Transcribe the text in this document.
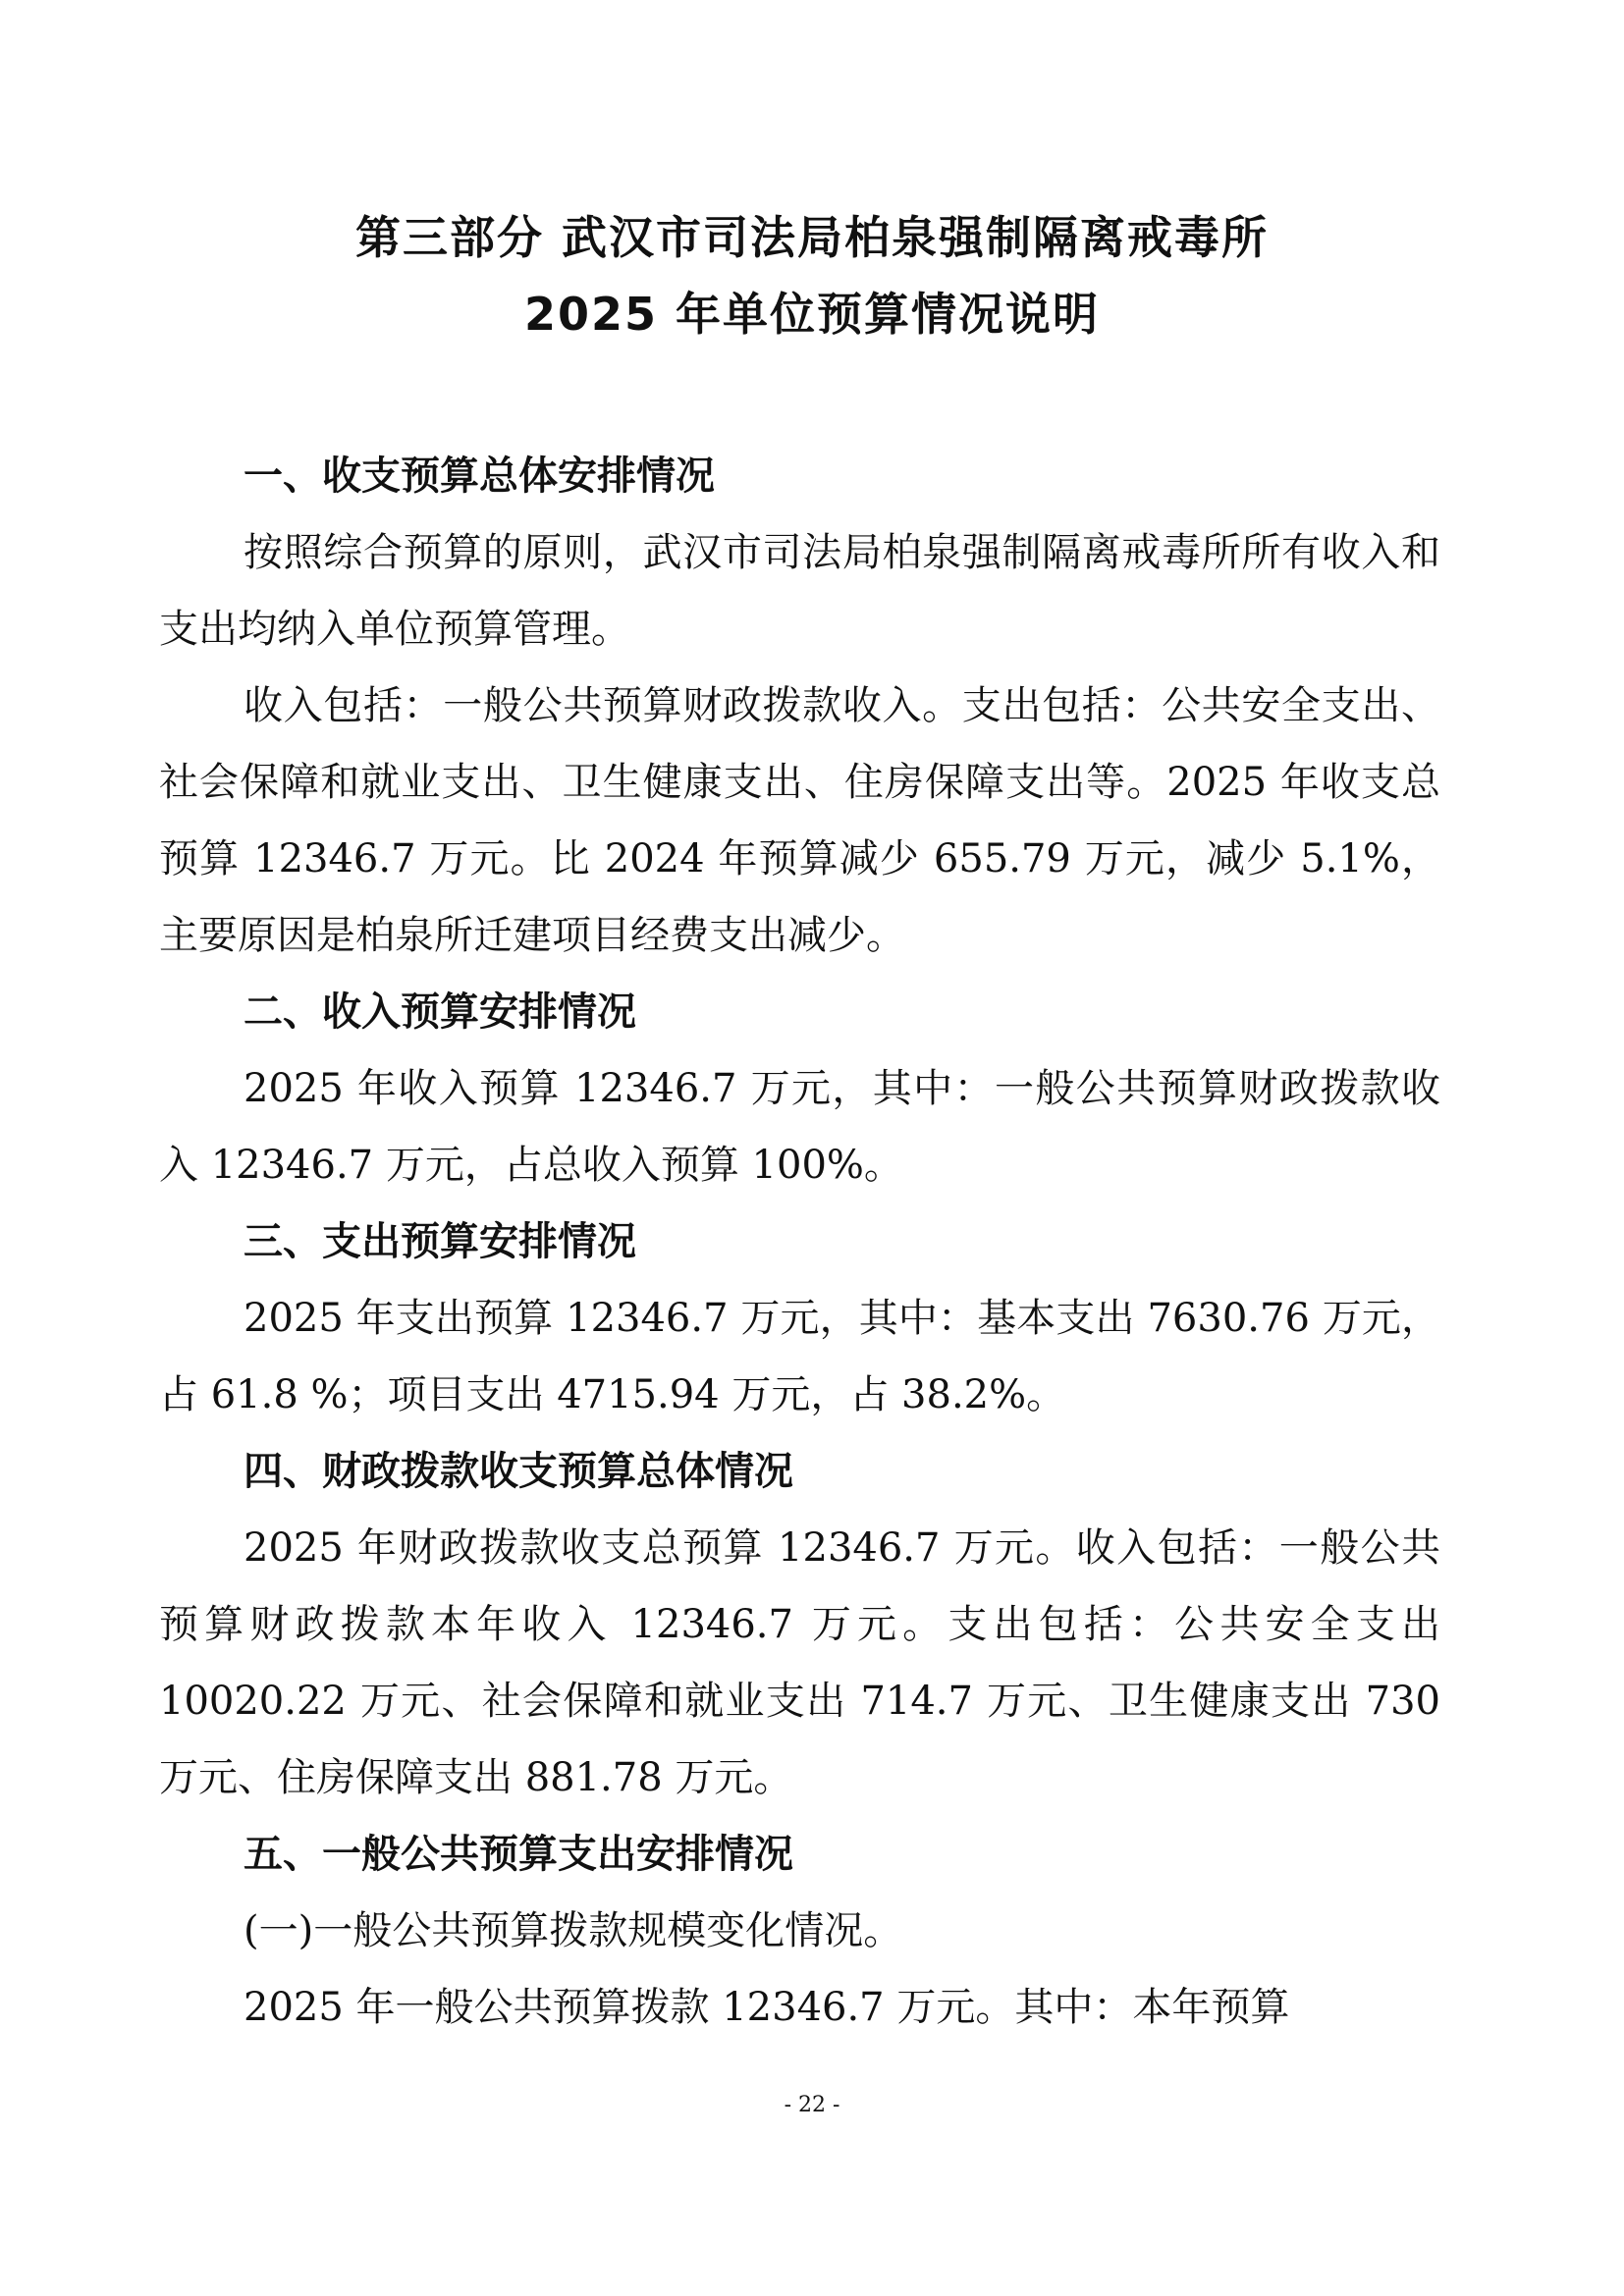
第三部分 武汉市司法局柏泉强制隔离戒毒所
2025 年单位预算情况说明
一、收支预算总体安排情况

按照综合预算的原则，武汉市司法局柏泉强制隔离戒毒所所有收入和支出均纳入单位预算管理。

收入包括：一般公共预算财政拨款收入。支出包括：公共安全支出、社会保障和就业支出、卫生健康支出、住房保障支出等。2025 年收支总预算 12346.7 万元。比 2024 年预算减少 655.79 万元，减少 5.1%，主要原因是柏泉所迁建项目经费支出减少。

二、收入预算安排情况

2025 年收入预算 12346.7 万元，其中：一般公共预算财政拨款收入 12346.7 万元，占总收入预算 100%。

三、支出预算安排情况

2025 年支出预算 12346.7 万元，其中：基本支出 7630.76 万元，占 61.8 %；项目支出 4715.94 万元，占 38.2%。

四、财政拨款收支预算总体情况

2025 年财政拨款收支总预算 12346.7 万元。收入包括：一般公共预算财政拨款本年收入 12346.7 万元。支出包括：公共安全支出 10020.22 万元、社会保障和就业支出 714.7 万元、卫生健康支出 730 万元、住房保障支出 881.78 万元。

五、一般公共预算支出安排情况

(一)一般公共预算拨款规模变化情况。

2025 年一般公共预算拨款 12346.7 万元。其中：本年预算

- 22 -
